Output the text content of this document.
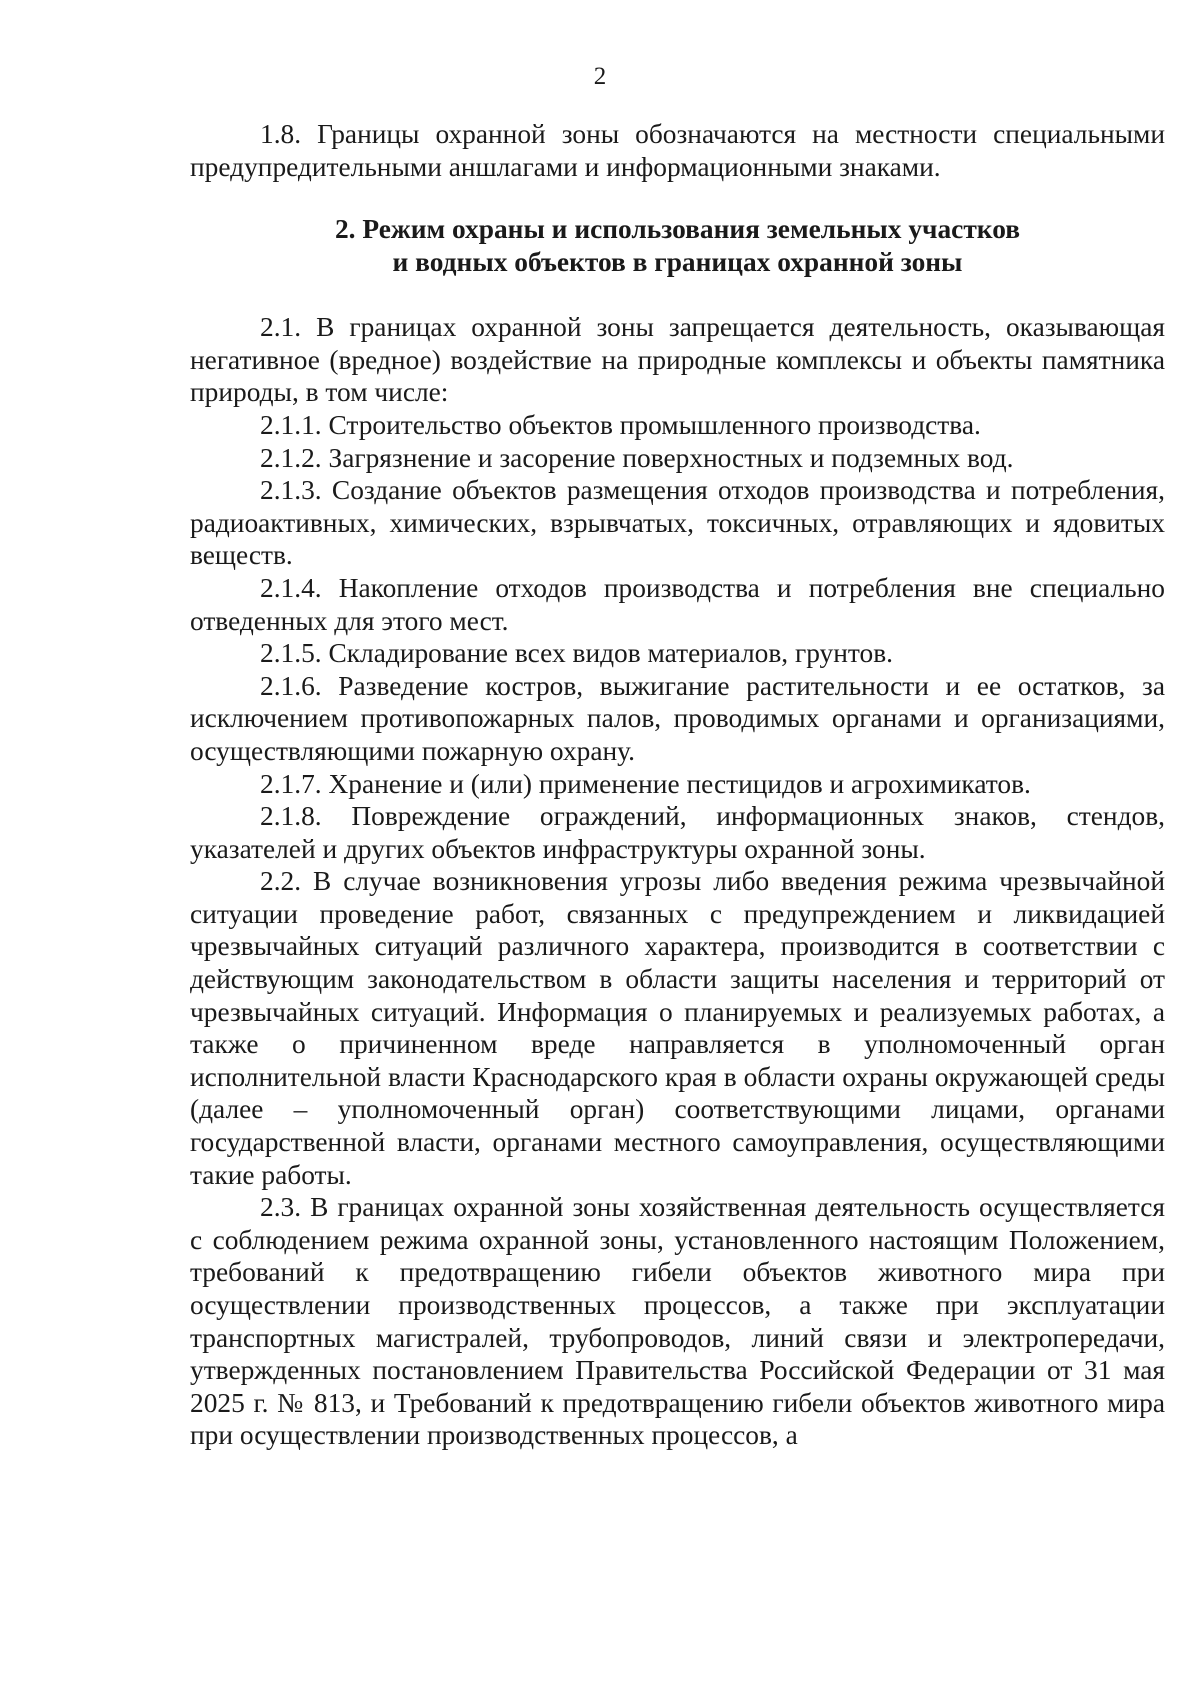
2

1.8. Границы охранной зоны обозначаются на местности специальными предупредительными аншлагами и информационными знаками.

2. Режим охраны и использования земельных участков
и водных объектов в границах охранной зоны

2.1. В границах охранной зоны запрещается деятельность, оказывающая негативное (вредное) воздействие на природные комплексы и объекты памятника природы, в том числе:

2.1.1. Строительство объектов промышленного производства.

2.1.2. Загрязнение и засорение поверхностных и подземных вод.

2.1.3. Создание объектов размещения отходов производства и потребления, радиоактивных, химических, взрывчатых, токсичных, отравляющих и ядовитых веществ.

2.1.4. Накопление отходов производства и потребления вне специально отведенных для этого мест.

2.1.5. Складирование всех видов материалов, грунтов.

2.1.6. Разведение костров, выжигание растительности и ее остатков, за исключением противопожарных палов, проводимых органами и организациями, осуществляющими пожарную охрану.

2.1.7. Хранение и (или) применение пестицидов и агрохимикатов.

2.1.8. Повреждение ограждений, информационных знаков, стендов, указателей и других объектов инфраструктуры охранной зоны.

2.2. В случае возникновения угрозы либо введения режима чрезвычайной ситуации проведение работ, связанных с предупреждением и ликвидацией чрезвычайных ситуаций различного характера, производится в соответствии с действующим законодательством в области защиты населения и территорий от чрезвычайных ситуаций. Информация о планируемых и реализуемых работах, а также о причиненном вреде направляется в уполномоченный орган исполнительной власти Краснодарского края в области охраны окружающей среды (далее – уполномоченный орган) соответствующими лицами, органами государственной власти, органами местного самоуправления, осуществляющими такие работы.

2.3. В границах охранной зоны хозяйственная деятельность осуществляется с соблюдением режима охранной зоны, установленного настоящим Положением, требований к предотвращению гибели объектов животного мира при осуществлении производственных процессов, а также при эксплуатации транспортных магистралей, трубопроводов, линий связи и электропередачи, утвержденных постановлением Правительства Российской Федерации от 31 мая 2025 г. № 813, и Требований к предотвращению гибели объектов животного мира при осуществлении производственных процессов, а
